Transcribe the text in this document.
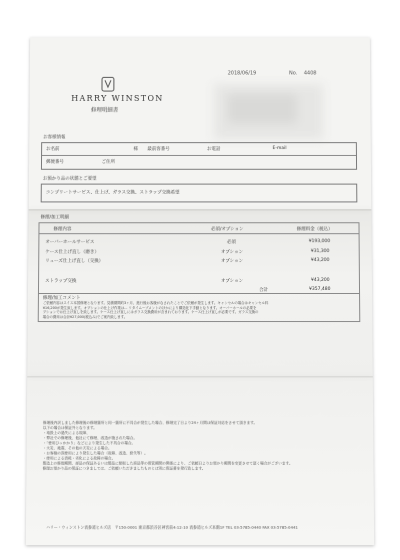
2018/06/19	No. 4408
HARRY WINSTON
修理明細書
お客様情報
お名前	様 最前客番号	お電話	E-mail
郵便番号	ご住所
お預かり品の状態とご要望
コンプリートサービス、仕上げ、ガラス交換、ストラップ交換希望
修理/加工明細
修理内容	必須/オプション	修理料金（税込）
オーバーホールサービス	必須	¥193,000
ケース仕上げ直し（磨き）	オプション	¥31,300
リューズ仕上げ直し（交換）	オプション	¥43,200
ストラップ交換	オプション	¥43,200
合計	¥357,480
修理/加工コメント
ご依頼内容はスイス本国修理となります。見積期間約3ヶ月、進行後お客様がなされたことでご依頼が発生します。キャンセルの場合はキャンセル料
¥16,200が発生致します。オプションの仕上げ作業は... リタイムーブメントのほかにより構造化下手動となります。オーバーホールの必要を
プションでお仕上げ直しを致します。ケース仕上げ直しにはガラス交換費用が含まれております。ケース仕上げ直しが必要です。ガラス交換の
場合の費用は合計¥27,000(税込み)でご案内致します。
修理後内訳しました修理後の修理箇所と同一箇所に不具合が発生した場合、修理完了日より24ヶ月間は保証対応をさせて頂きます。
以下の場合は保証外となります。
・取扱上の過失による故障、
・弊社での修理後、他社にて修理、改造が施された場合。
・「使用ひっかかり」などにより発生した不具合の場合。
・火災、地震、その他の天災による場合。
・お客様の誤使用により発生した場合（故障、改造、紛失等）。
・使用による消耗・劣化による故障の場合。
製造上の修理期間、部品の保証あるいは製品に類似した商品等の保管期間の関係により、ご依頼日よりお預かり期間を変更させて頂く場合がございます。
修理お預かり品の保証につきましては、ご依頼いただきましたものとは別に保証書を発行致します。
ハリー・ウィンストン表参道ヒルズ店　〒150-0001 東京都渋谷区神宮前4-12-10 表参道ヒルズ本館1F TEL 03-5785-0440 FAX 03-5785-0441
